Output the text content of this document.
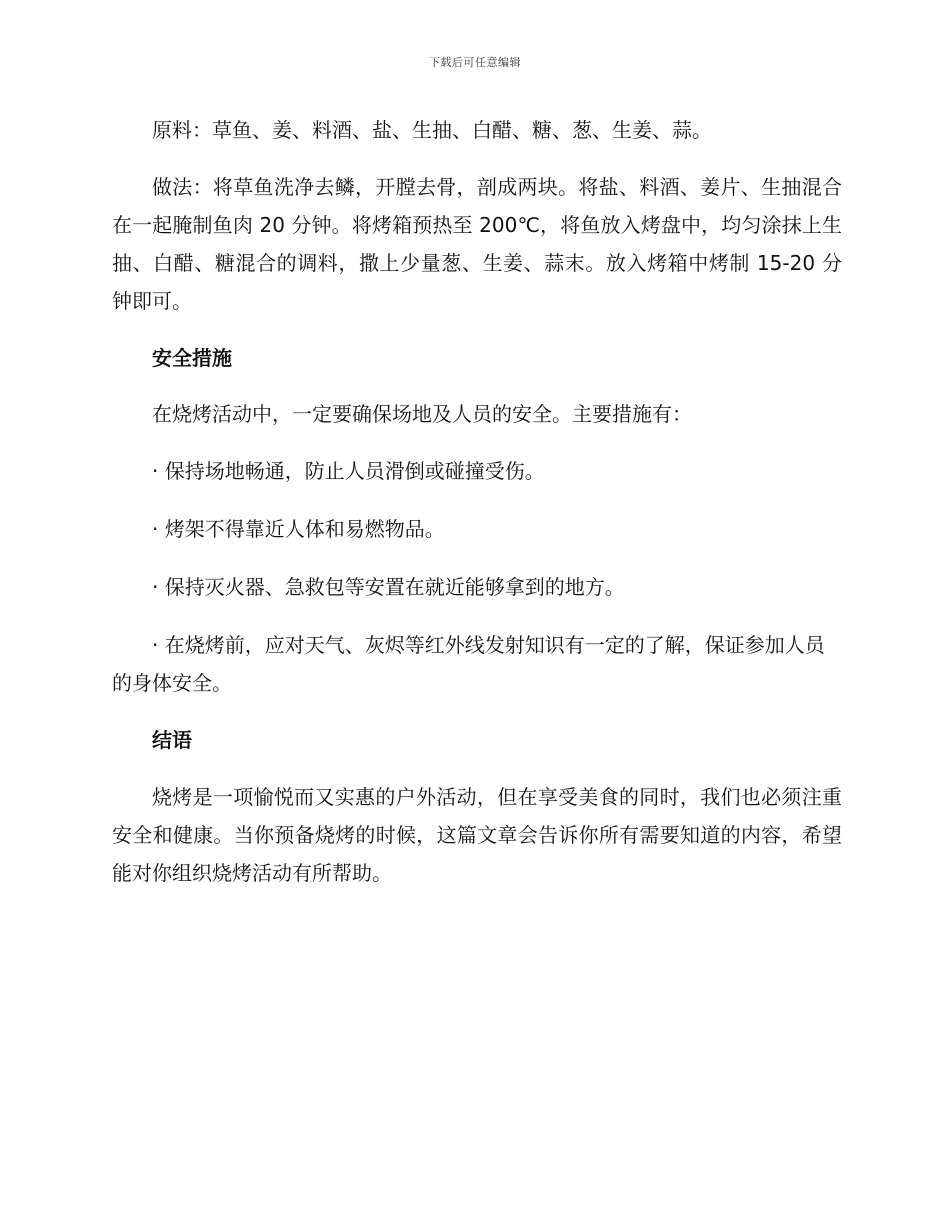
下载后可任意编辑

原料：草鱼、姜、料酒、盐、生抽、白醋、糖、葱、生姜、蒜。

做法：将草鱼洗净去鳞，开膛去骨，剖成两块。将盐、料酒、姜片、生抽混合在一起腌制鱼肉 20 分钟。将烤箱预热至 200℃，将鱼放入烤盘中，均匀涂抹上生抽、白醋、糖混合的调料，撒上少量葱、生姜、蒜末。放入烤箱中烤制 15-20 分钟即可。

安全措施

在烧烤活动中，一定要确保场地及人员的安全。主要措施有：

· 保持场地畅通，防止人员滑倒或碰撞受伤。

· 烤架不得靠近人体和易燃物品。

· 保持灭火器、急救包等安置在就近能够拿到的地方。

· 在烧烤前，应对天气、灰烬等红外线发射知识有一定的了解，保证参加人员的身体安全。

结语

烧烤是一项愉悦而又实惠的户外活动，但在享受美食的同时，我们也必须注重安全和健康。当你预备烧烤的时候，这篇文章会告诉你所有需要知道的内容，希望能对你组织烧烤活动有所帮助。
